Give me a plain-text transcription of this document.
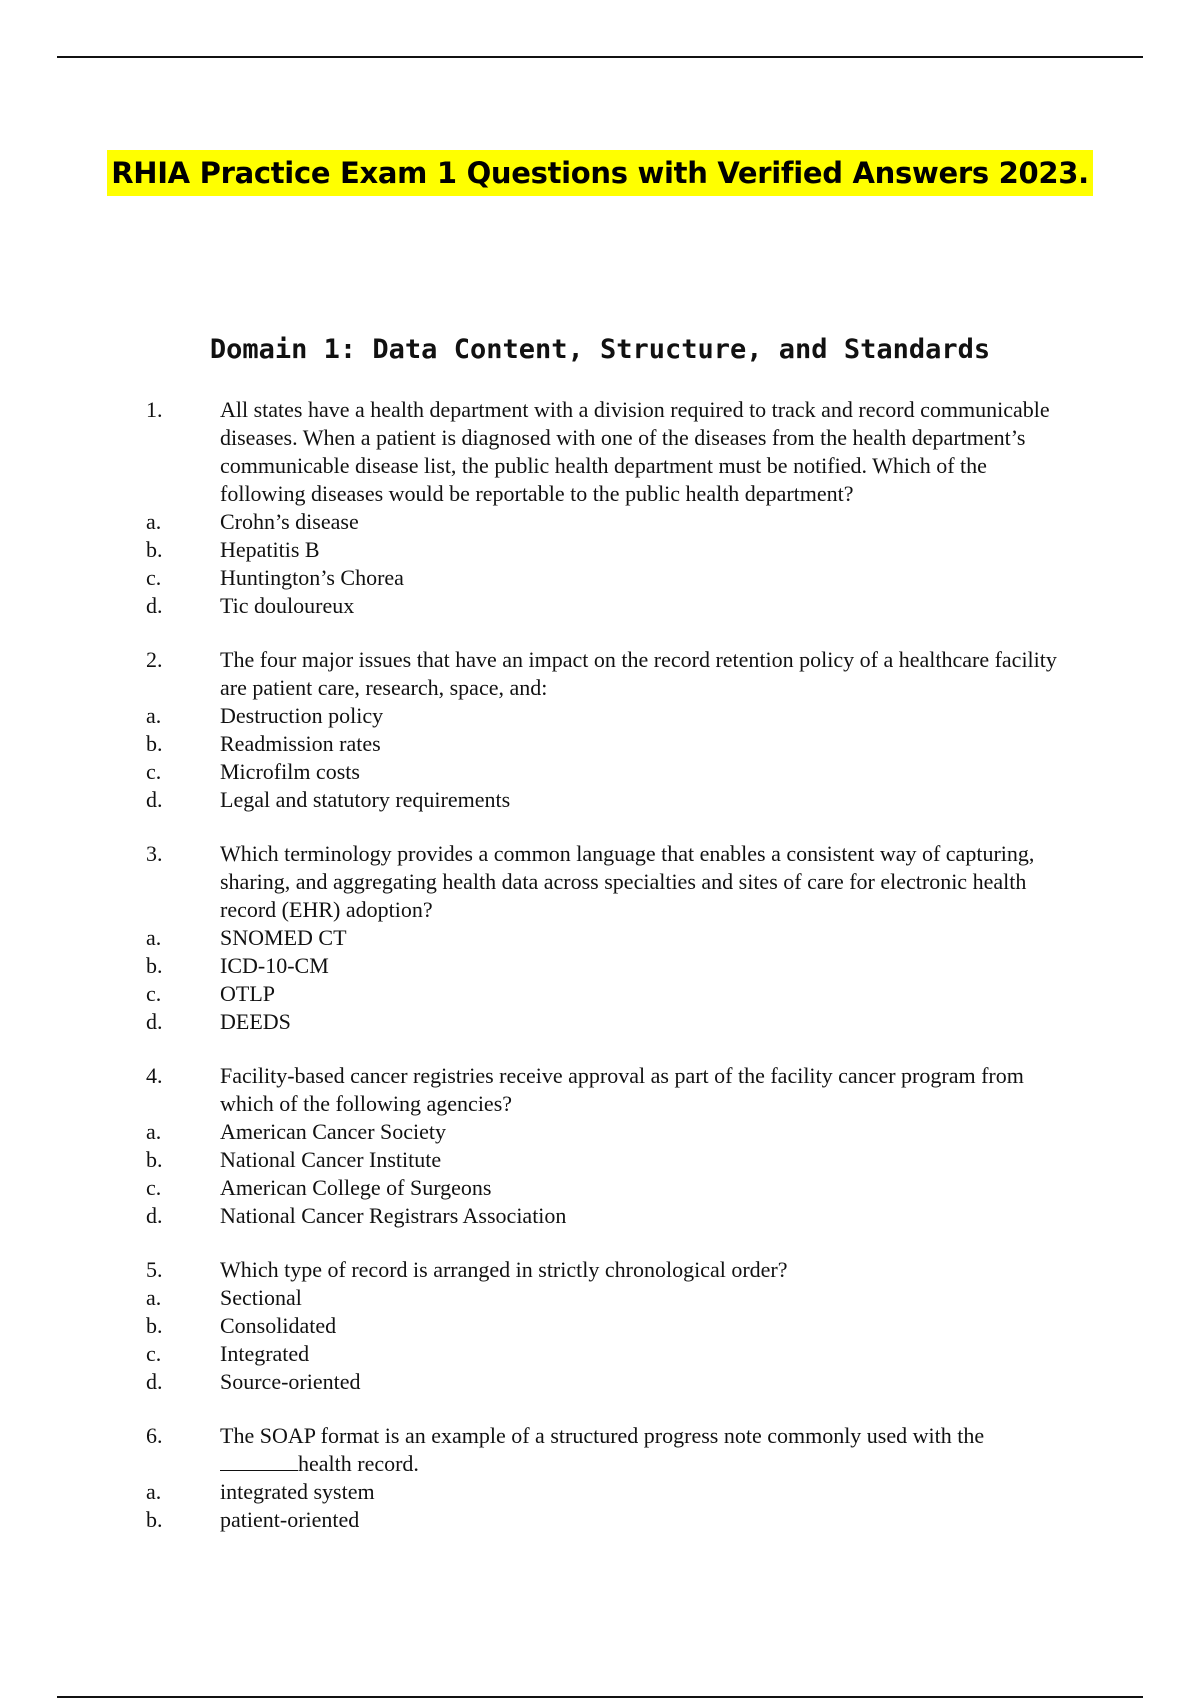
RHIA Practice Exam 1 Questions with Verified Answers 2023.
Domain 1: Data Content, Structure, and Standards
1.	All states have a health department with a division required to track and record communicable diseases. When a patient is diagnosed with one of the diseases from the health department’s communicable disease list, the public health department must be notified. Which of the following diseases would be reportable to the public health department?
a.	Crohn’s disease
b.	Hepatitis B
c.	Huntington’s Chorea
d.	Tic douloureux
2.	The four major issues that have an impact on the record retention policy of a healthcare facility are patient care, research, space, and:
a.	Destruction policy
b.	Readmission rates
c.	Microfilm costs
d.	Legal and statutory requirements
3.	Which terminology provides a common language that enables a consistent way of capturing, sharing, and aggregating health data across specialties and sites of care for electronic health record (EHR) adoption?
a.	SNOMED CT
b.	ICD-10-CM
c.	OTLP
d.	DEEDS
4.	Facility-based cancer registries receive approval as part of the facility cancer program from which of the following agencies?
a.	American Cancer Society
b.	National Cancer Institute
c.	American College of Surgeons
d.	National Cancer Registrars Association
5.	Which type of record is arranged in strictly chronological order?
a.	Sectional
b.	Consolidated
c.	Integrated
d.	Source-oriented
6.	The SOAP format is an example of a structured progress note commonly used with the
health record.
a.	integrated system
b.	patient-oriented
